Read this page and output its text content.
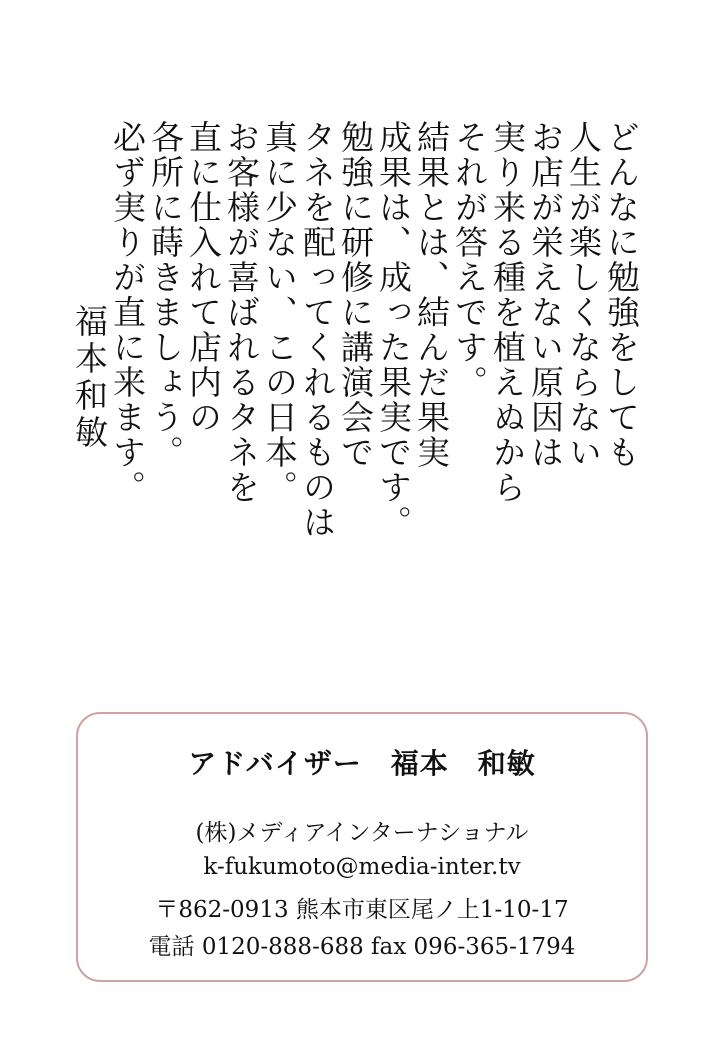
どんなに勉強をしても
人生が楽しくならない
お店が栄えない原因は
実り来る種を植えぬから
それが答えです。
結果とは、結んだ果実
成果は、成った果実です。
勉強に研修に講演会で
タネを配ってくれるものは
真に少ない、この日本。
お客様が喜ばれるタネを
直に仕入れて店内の
各所に蒔きましょう。
必ず実りが直に来ます。
福本和敏
アドバイザー　福本　和敏
(株)メディアインターナショナル
k-fukumoto@media-inter.tv
〒862-0913 熊本市東区尾ノ上1-10-17
電話 0120-888-688 fax 096-365-1794
